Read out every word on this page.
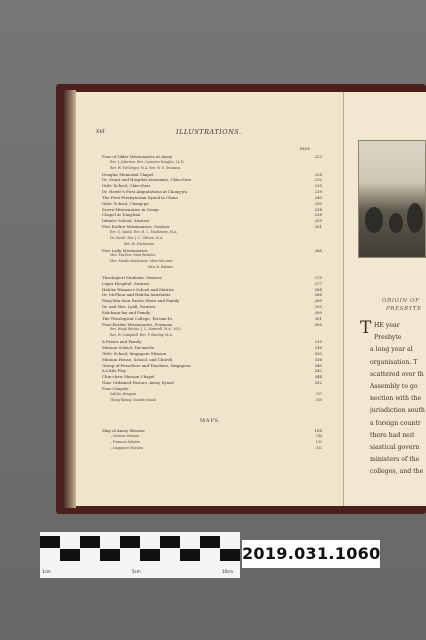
xvi	ILLUSTRATIONS.
PAGE
Four of Older Missionaries at Amoy	223
Rev. J. Johnston. Rev. Carstairs Douglas, LL.D.
Rev. W. McGregor, M.A. Rev. W. S. Swanson.
Douglas Memorial Chapel	228
Dr. Grant and Hospital Assistants, Chin-chew	232
Girls' School, Chin-chew	235
Dr. Howie's First Amputations at Chang-pu	239
The First Presbyterian Synod in China	240
Girls' School, Chang-pu	250
Seven Missionaries in Group	254
Chapel at Tong-kau	258
Infants' School, Swatow	259
Five Earlier Missionaries, Swatow	261
Rev. G. Smith. Rev. H. L. Mackenzie, M.A.
Dr. Gauld. Rev. J. C. Gibson, M.A.
Rev. W. Mackenzie.
Five Lady Missionaries	266
Mrs. MacIver. Miss Ricketts.
Mrs. Murdo Mackenzie. Miss Falconer.
Miss N. Balmer.
Theological Students, Swatow	275
Leper Hospital, Swatow	277
Hak-ka Women's School and Matron	284
Dr. McPhun and Hak-ka Assistants	286
Fang-khu-tsun Pastor Hsow and Family	289
Dr. and Mrs. Lyall, Swatow	295
Sok-kaun-lay and Family	300
The Theological College, Tai-nan-fu	301
Four Earlier Missionaries, Formosa	306
Rev. Hugh Ritchie. J. L. Maxwell, M.A., M.D.
Rev. W. Campbell. Rev. T. Barclay, M.A.
A Pastor and Family	315
Mission School, Tai-nan-fu	316
Girls' School, Singapore Mission	333
Mission House, School, and Church	336
Group of Preachers and Teachers, Singapore	340
A Little Play	342
Chin-chew Mission Chapel	344
Nine Ordained Pastors, Amoy Synod	352
Four Chapels:
Sak-ka, Bengum	357
Thong-khung, Double Island	358
MAPS.
Map of Amoy Mission	108
„ Swatow Mission	144
„ Formosa Mission	190
„ Singapore Mission	332
ORIGIN OF
PRESBYTE
T HE year
Presbyte
a long year al
organisation. T
scattered over th
Assembly to go
nection with the
jurisdiction south
a foreign countr
there had neit
siastical govern
ministers of the
colleges, and the
1cm	5cm	10cm
2019.031.1060
